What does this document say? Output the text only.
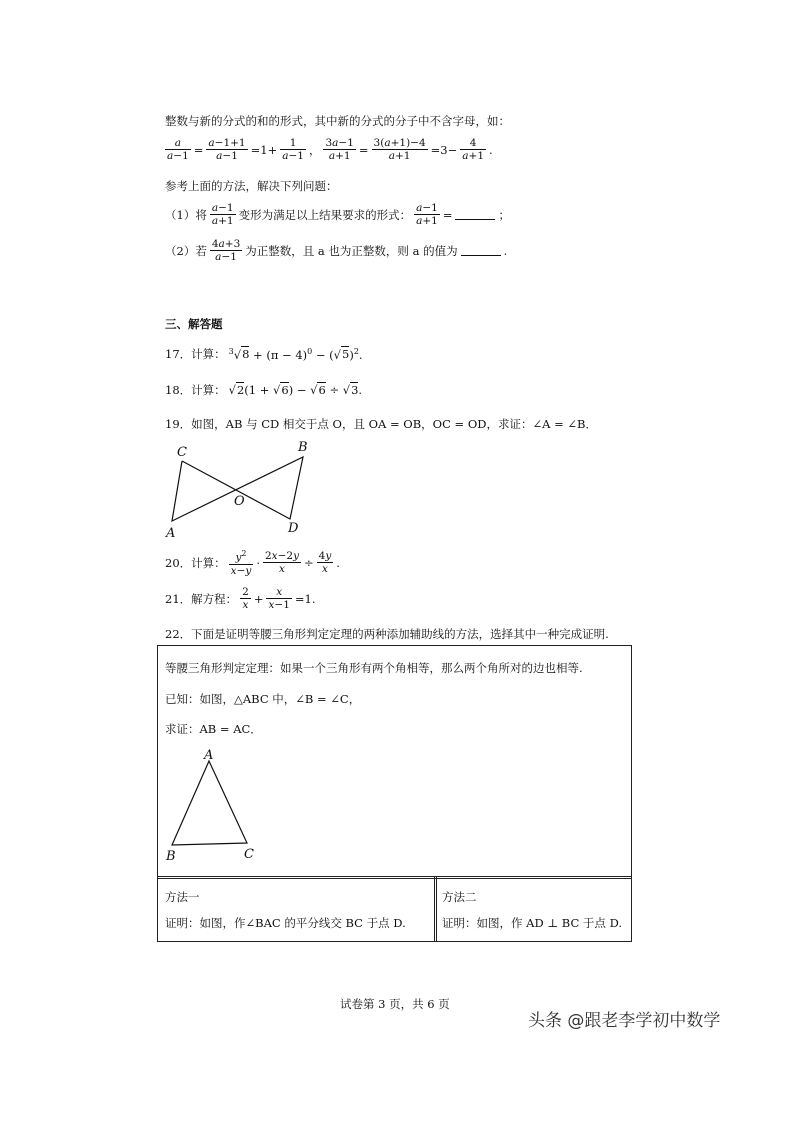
整数与新的分式的和的形式，其中新的分式的分子中不含字母，如：
$\frac{a}{a-1} = \frac{a-1+1}{a-1} =1+ \frac{1}{a-1}$ ， $\frac{3a-1}{a+1} = \frac{3(a+1)-4}{a+1} =3- \frac{4}{a+1}$ .
参考上面的方法，解决下列问题：
（1）将 $\frac{a-1}{a+1}$ 变形为满足以上结果要求的形式： $\frac{a-1}{a+1}$ =	；
（2）若 $\frac{4a+3}{a-1}$ 为正整数，且 a 也为正整数，则 a 的值为	.
三、解答题
17．计算： $^3√8 + (\pi - 4)^0 - (√5)^2$.
18．计算： √2(1 + √6) − √6 ÷ √3.
19．如图，AB 与 CD 相交于点 O，且 OA = OB，OC = OD，求证：∠A = ∠B．
C	B
O
A	D
20．计算： $\frac{y^2}{x-y} \cdot \frac{2x-2y}{x} \div \frac{4y}{x}$ .
21．解方程： $\frac{2}{x} + \frac{x}{x-1} =1$.
22．下面是证明等腰三角形判定定理的两种添加辅助线的方法，选择其中一种完成证明.
等腰三角形判定定理：如果一个三角形有两个角相等，那么两个角所对的边也相等.
已知：如图，△ABC 中，∠B = ∠C，
求证：AB = AC．
A
B	C
方法一
证明：如图，作∠BAC 的平分线交 BC 于点 D.
方法二
证明：如图，作 AD ⊥ BC 于点 D.
试卷第 3 页，共 6 页
头条 @跟老李学初中数学
